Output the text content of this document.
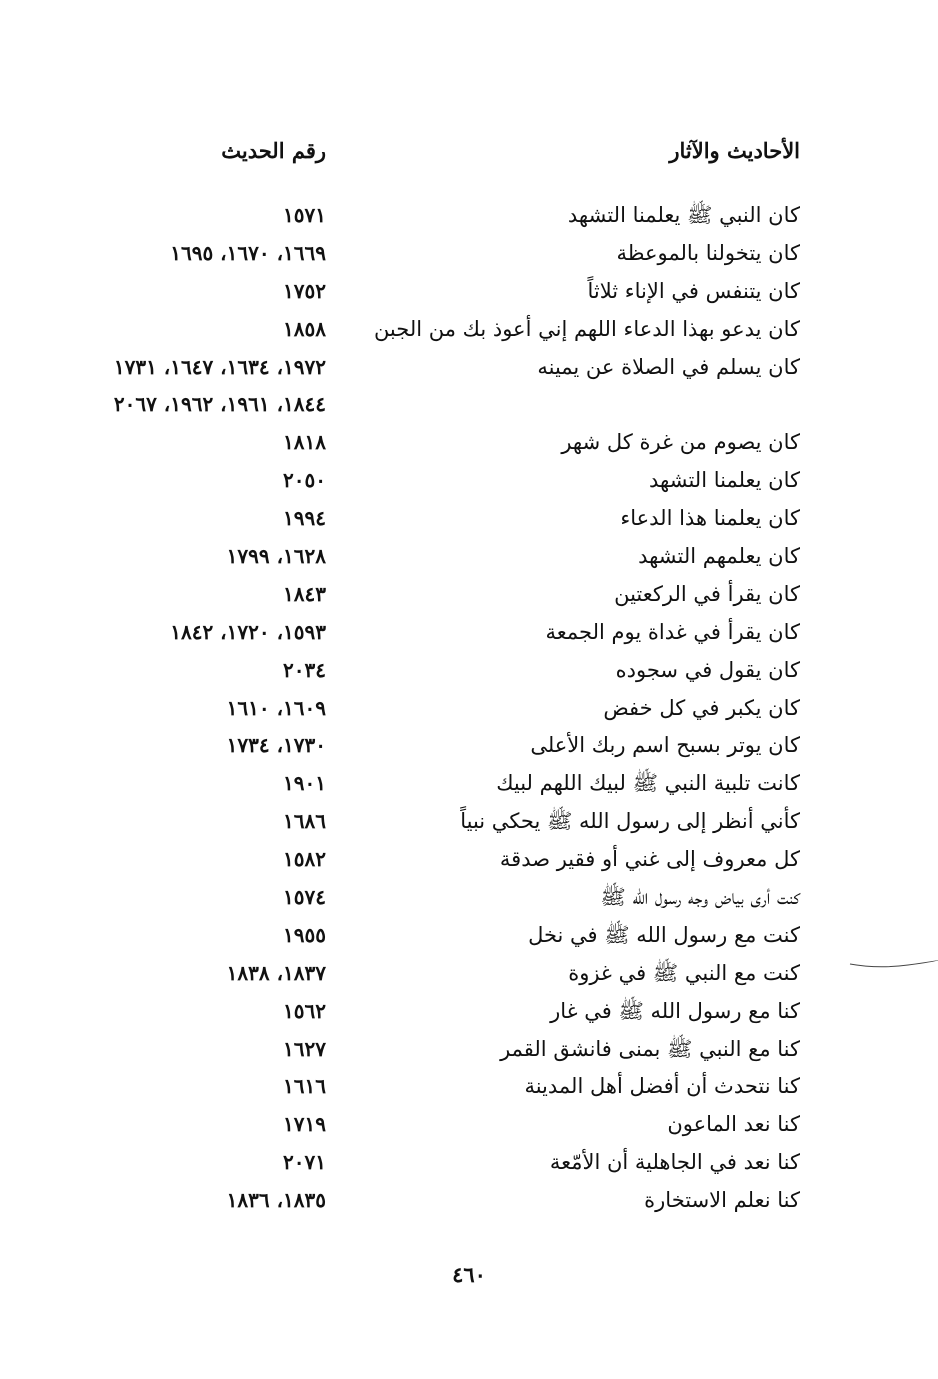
الأحاديث والآثار
رقم الحديث
كان النبي ﷺ يعلمنا التشهد
١٥٧١
كان يتخولنا بالموعظة
١٦٦٩، ١٦٧٠، ١٦٩٥
كان يتنفس في الإناء ثلاثاً
١٧٥٢
كان يدعو بهذا الدعاء اللهم إني أعوذ بك من الجبن
١٨٥٨
كان يسلم في الصلاة عن يمينه
١٩٧٢، ١٦٣٤، ١٦٤٧، ١٧٣١
١٨٤٤، ١٩٦١، ١٩٦٢، ٢٠٦٧
كان يصوم من غرة كل شهر
١٨١٨
كان يعلمنا التشهد
٢٠٥٠
كان يعلمنا هذا الدعاء
١٩٩٤
كان يعلمهم التشهد
١٦٢٨، ١٧٩٩
كان يقرأ في الركعتين
١٨٤٣
كان يقرأ في غداة يوم الجمعة
١٥٩٣، ١٧٢٠، ١٨٤٢
كان يقول في سجوده
٢٠٣٤
كان يكبر في كل خفض
١٦٠٩، ١٦١٠
كان يوتر بسبح اسم ربك الأعلى
١٧٣٠، ١٧٣٤
كانت تلبية النبي ﷺ لبيك اللهم لبيك
١٩٠١
كأني أنظر إلى رسول الله ﷺ يحكي نبياً
١٦٨٦
كل معروف إلى غني أو فقير صدقة
١٥٨٢
كنت أرى بياض وجه رسول الله ﷺ
١٥٧٤
كنت مع رسول الله ﷺ في نخل
١٩٥٥
كنت مع النبي ﷺ في غزوة
١٨٣٧، ١٨٣٨
كنا مع رسول الله ﷺ في غار
١٥٦٢
كنا مع النبي ﷺ بمنى فانشق القمر
١٦٢٧
كنا نتحدث أن أفضل أهل المدينة
١٦١٦
كنا نعد الماعون
١٧١٩
كنا نعد في الجاهلية أن الأمّعة
٢٠٧١
كنا نعلم الاستخارة
١٨٣٥، ١٨٣٦
٤٦٠
